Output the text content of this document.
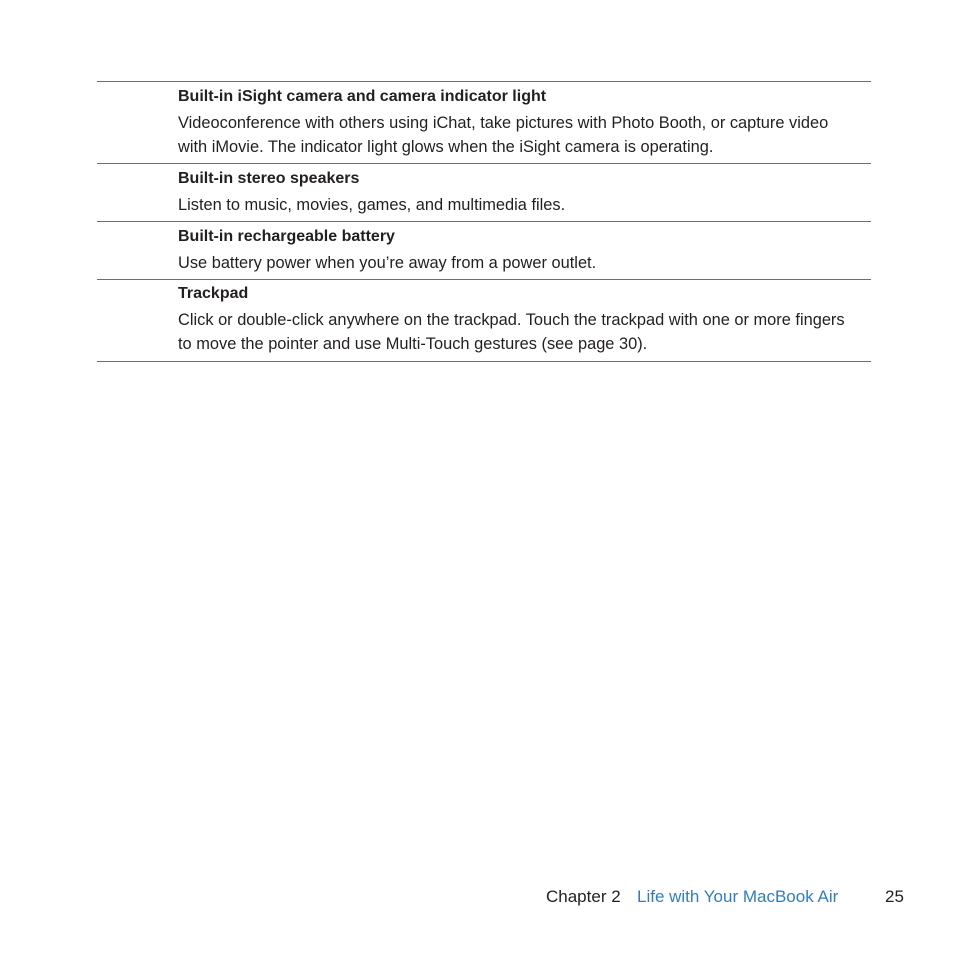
Built-in iSight camera and camera indicator light
Videoconference with others using iChat, take pictures with Photo Booth, or capture video with iMovie. The indicator light glows when the iSight camera is operating.
Built-in stereo speakers
Listen to music, movies, games, and multimedia files.
Built-in rechargeable battery
Use battery power when you’re away from a power outlet.
Trackpad
Click or double-click anywhere on the trackpad. Touch the trackpad with one or more fingers to move the pointer and use Multi-Touch gestures (see page 30).
Chapter 2 Life with Your MacBook Air	25
